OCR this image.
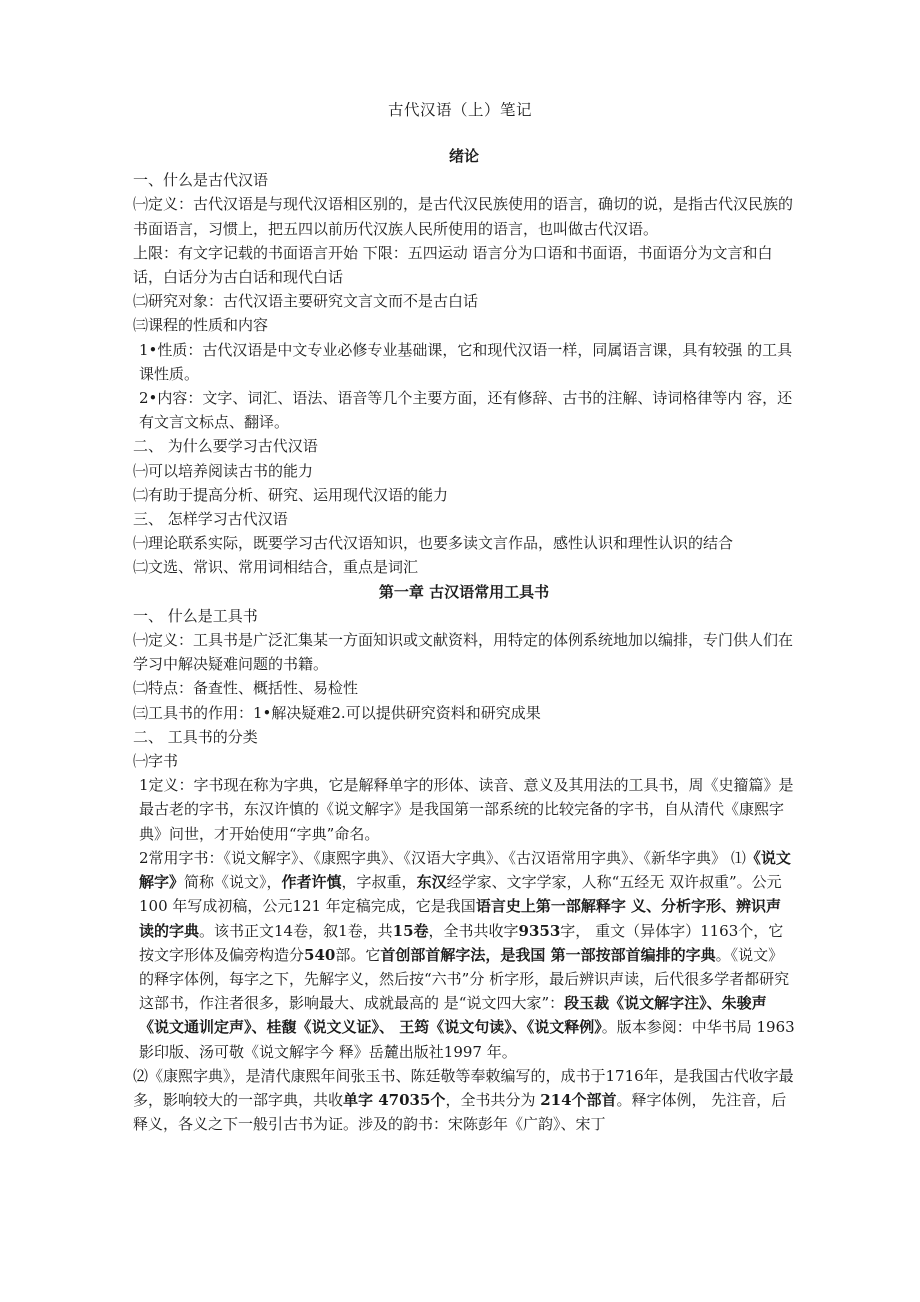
古代汉语（上）笔记

绪论

一、什么是古代汉语

㈠定义：古代汉语是与现代汉语相区别的，是古代汉民族使用的语言，确切的说，是指古代汉民族的书面语言，习惯上，把五四以前历代汉族人民所使用的语言，也叫做古代汉语。

上限：有文字记载的书面语言开始 下限：五四运动 语言分为口语和书面语，书面语分为文言和白话，白话分为古白话和现代白话

㈡研究对象：古代汉语主要研究文言文而不是古白话

㈢课程的性质和内容

1•性质：古代汉语是中文专业必修专业基础课，它和现代汉语一样，同属语言课，具有较强 的工具课性质。

2•内容：文字、词汇、语法、语音等几个主要方面，还有修辞、古书的注解、诗词格律等内 容，还有文言文标点、翻译。

二、 为什么要学习古代汉语

㈠可以培养阅读古书的能力

㈡有助于提高分析、研究、运用现代汉语的能力

三、 怎样学习古代汉语

㈠理论联系实际，既要学习古代汉语知识，也要多读文言作品，感性认识和理性认识的结合

㈡文选、常识、常用词相结合，重点是词汇

第一章 古汉语常用工具书

一、 什么是工具书

㈠定义：工具书是广泛汇集某一方面知识或文献资料，用特定的体例系统地加以编排，专门供人们在学习中解决疑难问题的书籍。

㈡特点：备查性、概括性、易检性

㈢工具书的作用：1•解决疑难2.可以提供研究资料和研究成果

二、 工具书的分类

㈠字书

1定义：字书现在称为字典，它是解释单字的形体、读音、意义及其用法的工具书，周《史籀篇》是最古老的字书，东汉许慎的《说文解字》是我国第一部系统的比较完备的字书，自从清代《康熙字典》问世，才开始使用“字典”命名。

2常用字书：《说文解字》、《康熙字典》、《汉语大字典》、《古汉语常用字典》、《新华字典》 ⑴《说文解字》简称《说文》，作者许慎，字叔重，东汉经学家、文字学家，人称“五经无 双许叔重”。公元 100 年写成初稿，公元121 年定稿完成，它是我国语言史上第一部解释字 义、分析字形、辨识声读的字典。该书正文14卷，叙1卷，共15卷，全书共收字9353字， 重文（异体字）1163个，它按文字形体及偏旁构造分540部。它首创部首解字法，是我国 第一部按部首编排的字典。《说文》的释字体例，每字之下，先解字义，然后按“六书”分 析字形，最后辨识声读，后代很多学者都研究这部书，作注者很多，影响最大、成就最高的 是“说文四大家”：段玉裁《说文解字注》、朱骏声《说文通训定声》、桂馥《说文义证》、 王筠《说文句读》、《说文释例》。版本参阅：中华书局 1963 影印版、汤可敬《说文解字今 释》岳麓出版社1997 年。

⑵《康熙字典》，是清代康熙年间张玉书、陈廷敬等奉敕编写的，成书于1716年，是我国古代收字最多，影响较大的一部字典，共收单字 47035个，全书共分为 214个部首。释字体例， 先注音，后释义，各义之下一般引古书为证。涉及的韵书：宋陈彭年《广韵》、宋丁
